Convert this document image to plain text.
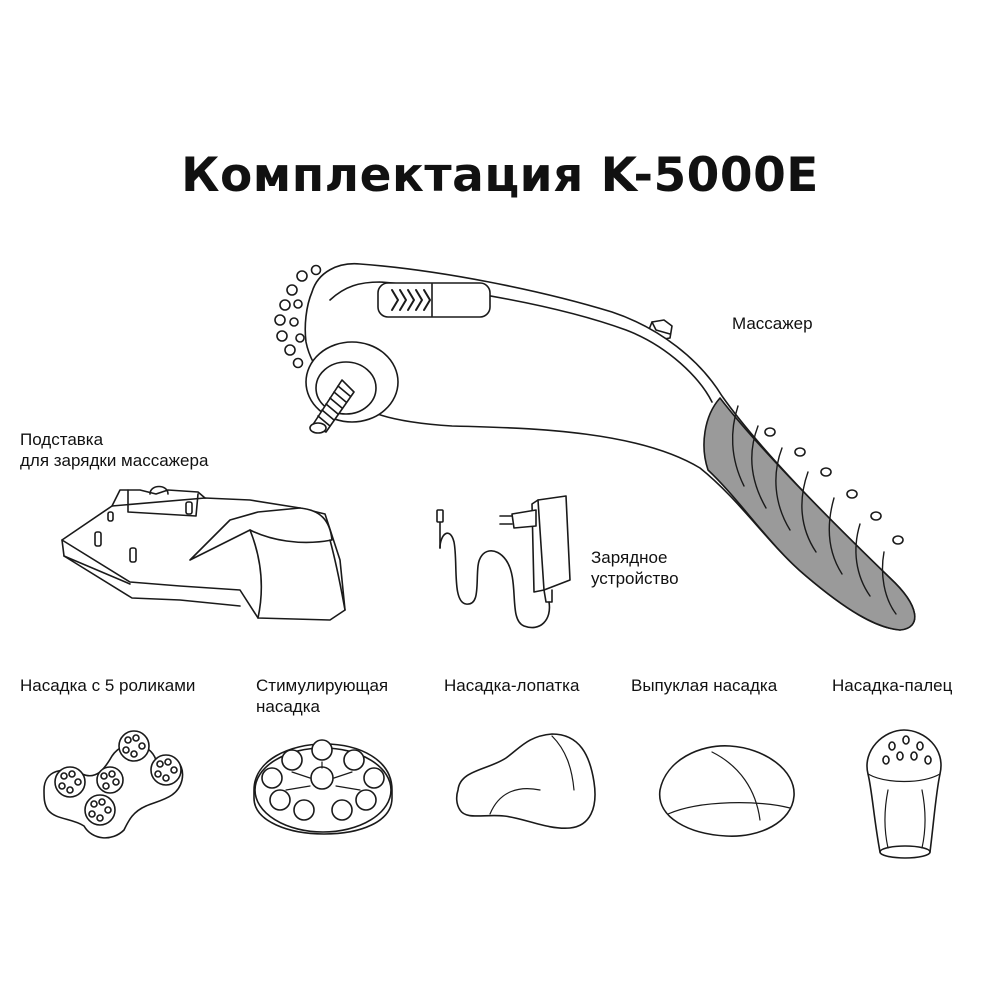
Комплектация K-5000E
Массажер
Подставка
для зарядки массажера
Зарядное
устройство
Насадка с 5 роликами	Стимулирующая
насадка
Насадка-лопатка	Выпуклая насадка	Насадка-палец
